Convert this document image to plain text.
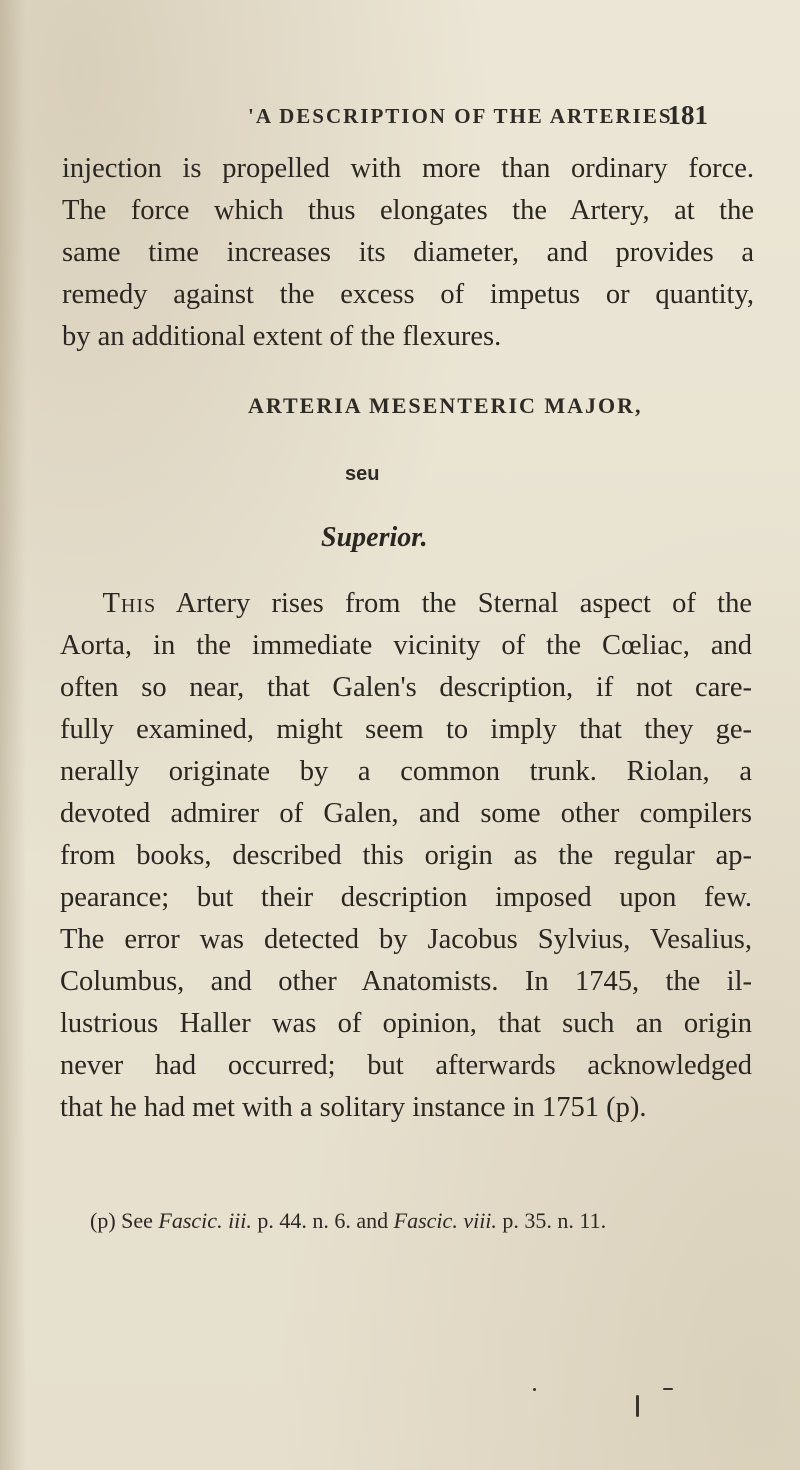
'A DESCRIPTION OF THE ARTERIES.
181
injection is propelled with more than ordinary force.
The force which thus elongates the Artery, at the
same time increases its diameter, and provides a
remedy against the excess of impetus or quantity,
by an additional extent of the flexures.
ARTERIA MESENTERIC MAJOR,
seu
Superior.
This Artery rises from the Sternal aspect of the
Aorta, in the immediate vicinity of the Cœliac, and
often so near, that Galen's description, if not care-
fully examined, might seem to imply that they ge-
nerally originate by a common trunk. Riolan, a
devoted admirer of Galen, and some other compilers
from books, described this origin as the regular ap-
pearance; but their description imposed upon few.
The error was detected by Jacobus Sylvius, Vesalius,
Columbus, and other Anatomists. In 1745, the il-
lustrious Haller was of opinion, that such an origin
never had occurred; but afterwards acknowledged
that he had met with a solitary instance in 1751 (p).
(p) See Fascic. iii. p. 44. n. 6. and Fascic. viii. p. 35. n. 11.
